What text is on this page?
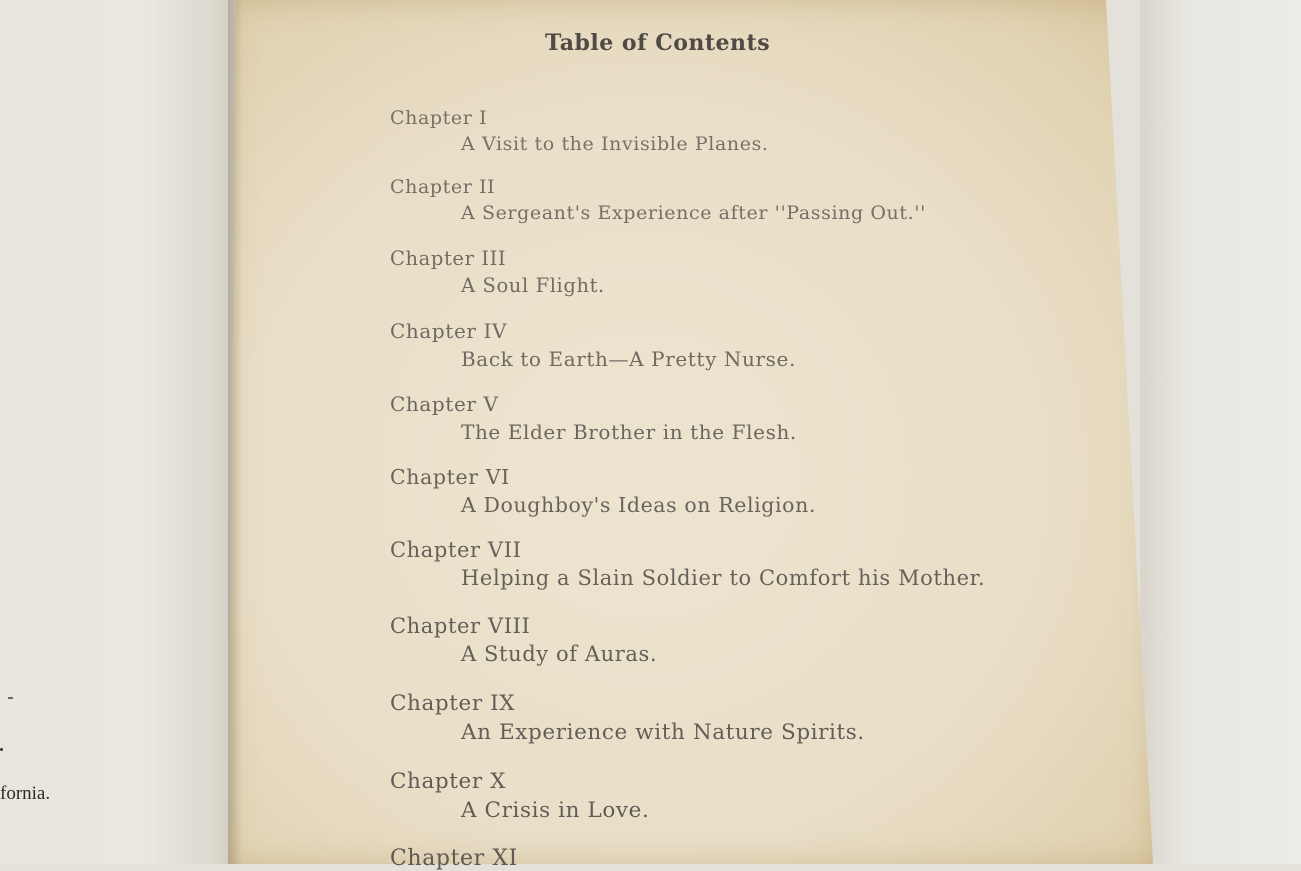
fornia.
Table of Contents
Chapter I
A Visit to the Invisible Planes.
Chapter II
A Sergeant's Experience after ''Passing Out.''
Chapter III
A Soul Flight.
Chapter IV
Back to Earth—A Pretty Nurse.
Chapter V
The Elder Brother in the Flesh.
Chapter VI
A Doughboy's Ideas on Religion.
Chapter VII
Helping a Slain Soldier to Comfort his Mother.
Chapter VIII
A Study of Auras.
Chapter IX
An Experience with Nature Spirits.
Chapter X
A Crisis in Love.
Chapter XI
